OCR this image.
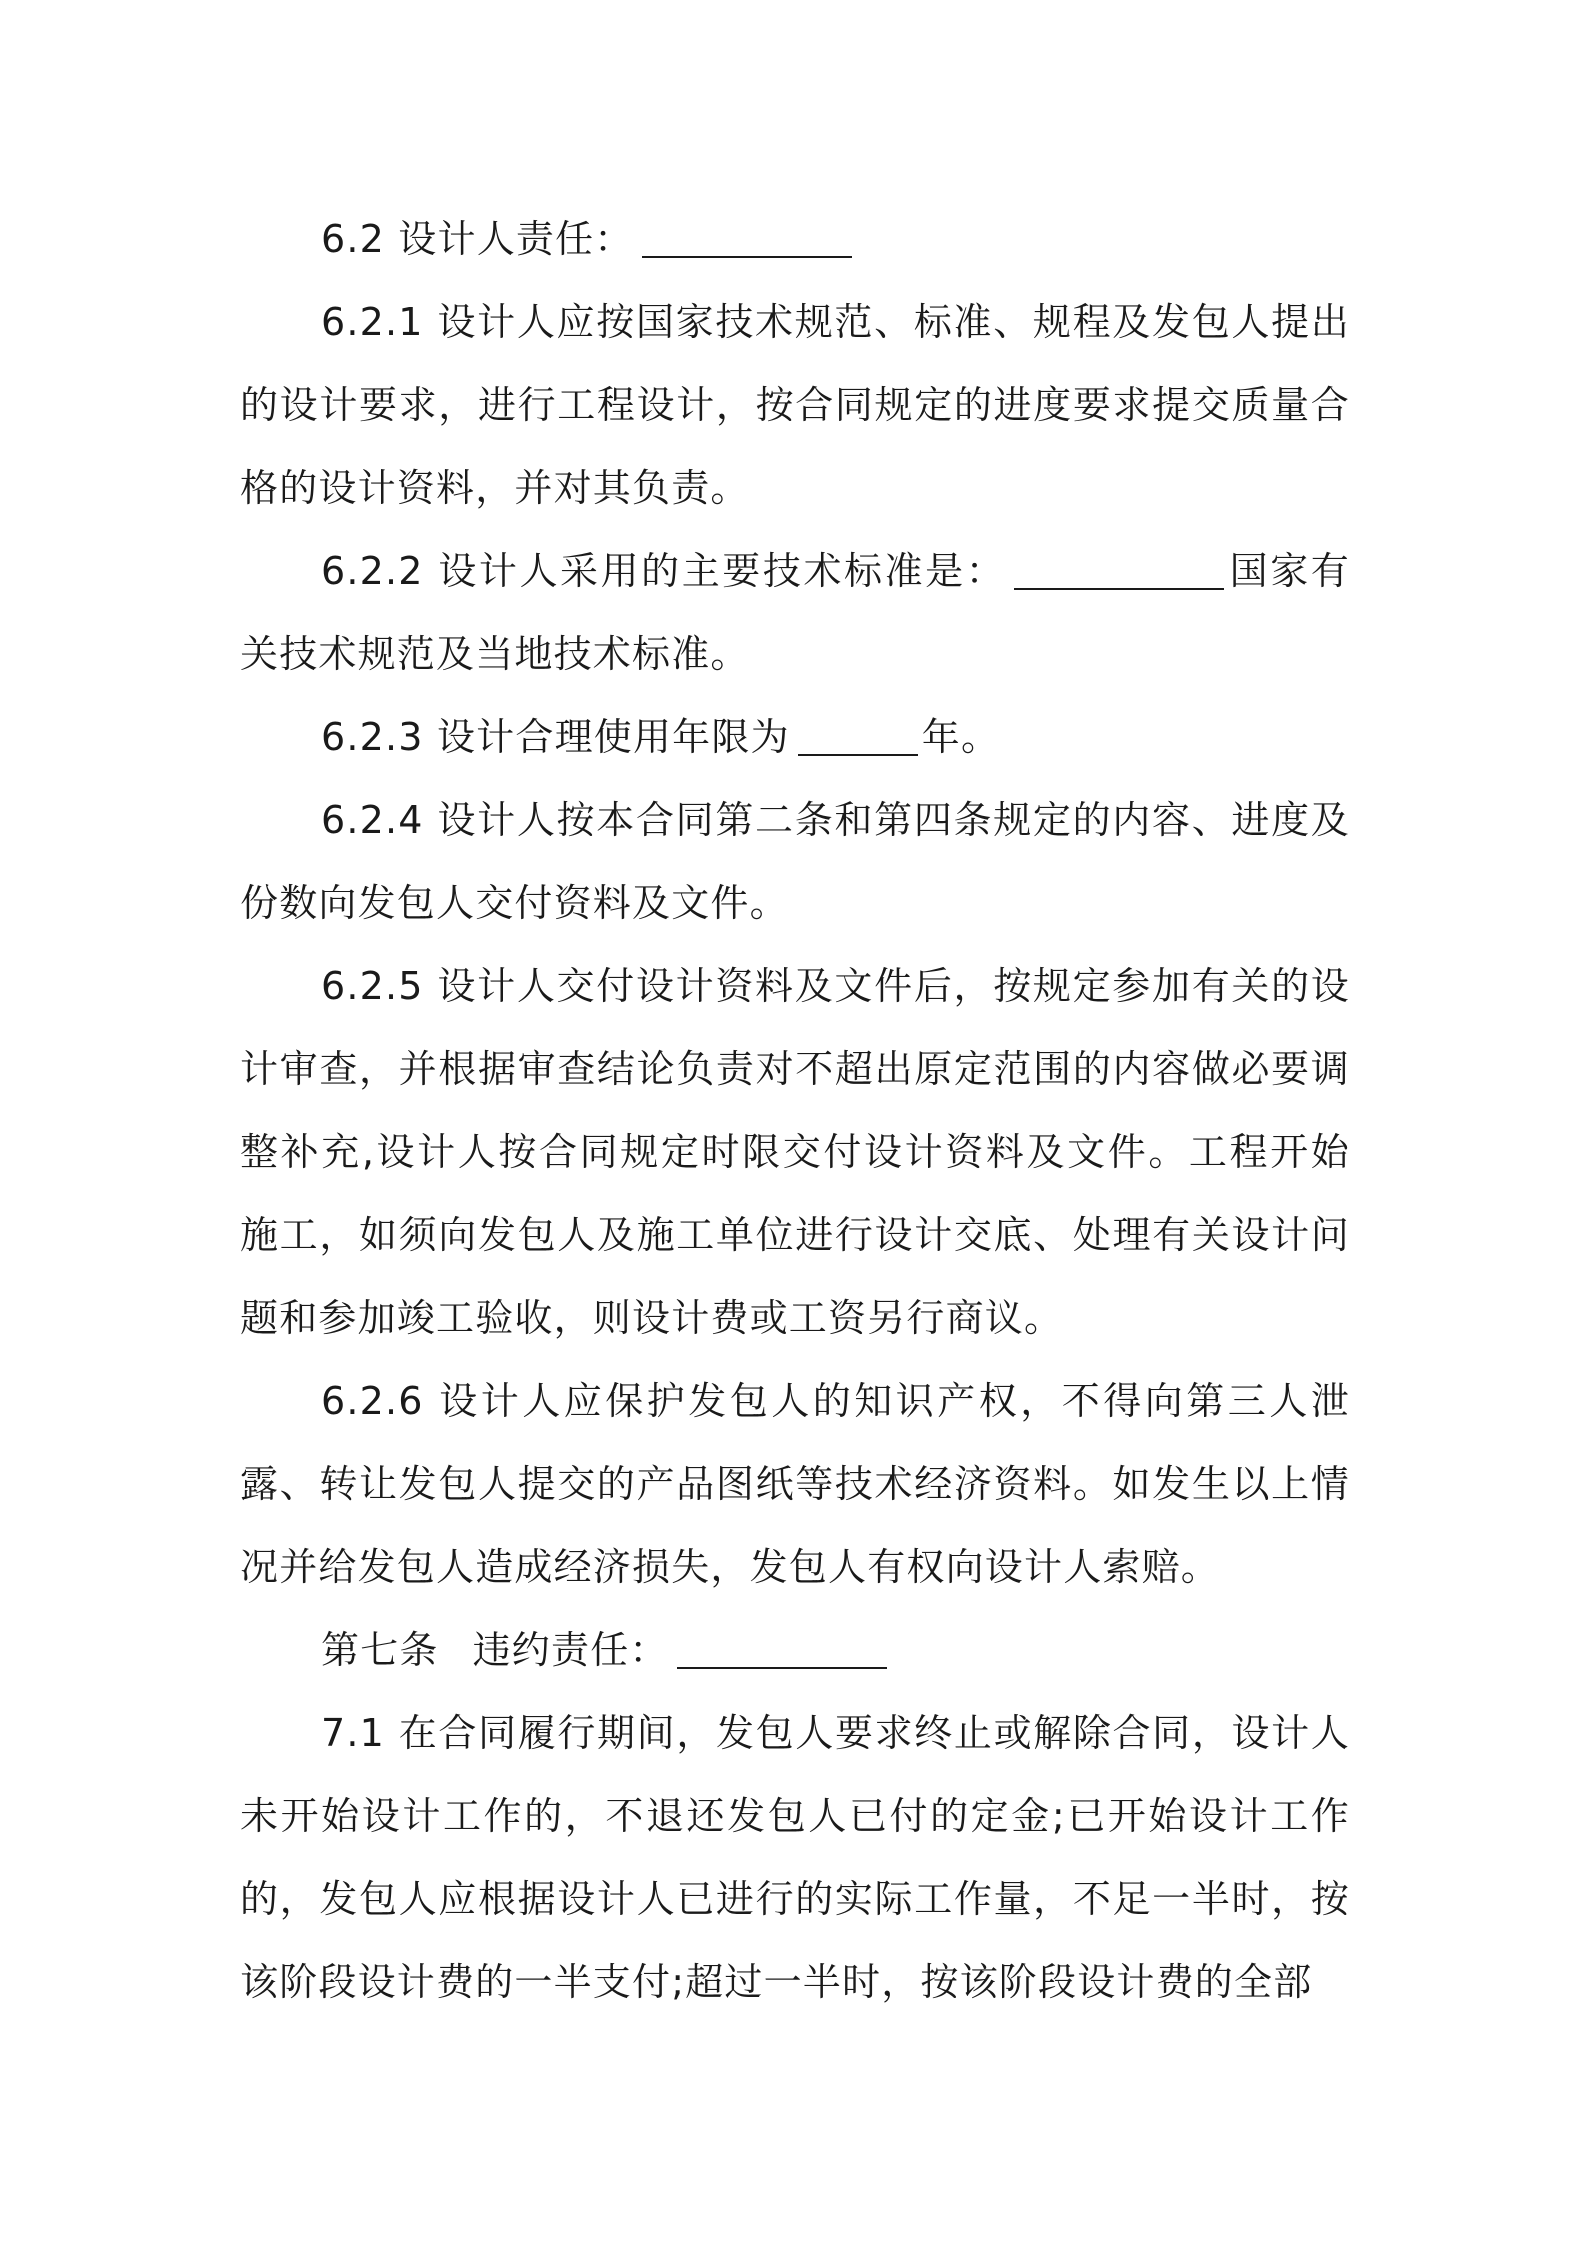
6.2 设计人责任：

6.2.1 设计人应按国家技术规范、标准、规程及发包人提出的设计要求，进行工程设计，按合同规定的进度要求提交质量合格的设计资料，并对其负责。

6.2.2 设计人采用的主要技术标准是：	国家有关技术规范及当地技术标准。

6.2.3 设计合理使用年限为	年。

6.2.4 设计人按本合同第二条和第四条规定的内容、进度及份数向发包人交付资料及文件。

6.2.5 设计人交付设计资料及文件后，按规定参加有关的设计审查，并根据审查结论负责对不超出原定范围的内容做必要调整补充,设计人按合同规定时限交付设计资料及文件。工程开始施工，如须向发包人及施工单位进行设计交底、处理有关设计问题和参加竣工验收，则设计费或工资另行商议。

6.2.6 设计人应保护发包人的知识产权，不得向第三人泄露、转让发包人提交的产品图纸等技术经济资料。如发生以上情况并给发包人造成经济损失，发包人有权向设计人索赔。

第七条 违约责任：

7.1 在合同履行期间，发包人要求终止或解除合同，设计人未开始设计工作的，不退还发包人已付的定金;已开始设计工作的，发包人应根据设计人已进行的实际工作量，不足一半时，按该阶段设计费的一半支付;超过一半时，按该阶段设计费的全部
